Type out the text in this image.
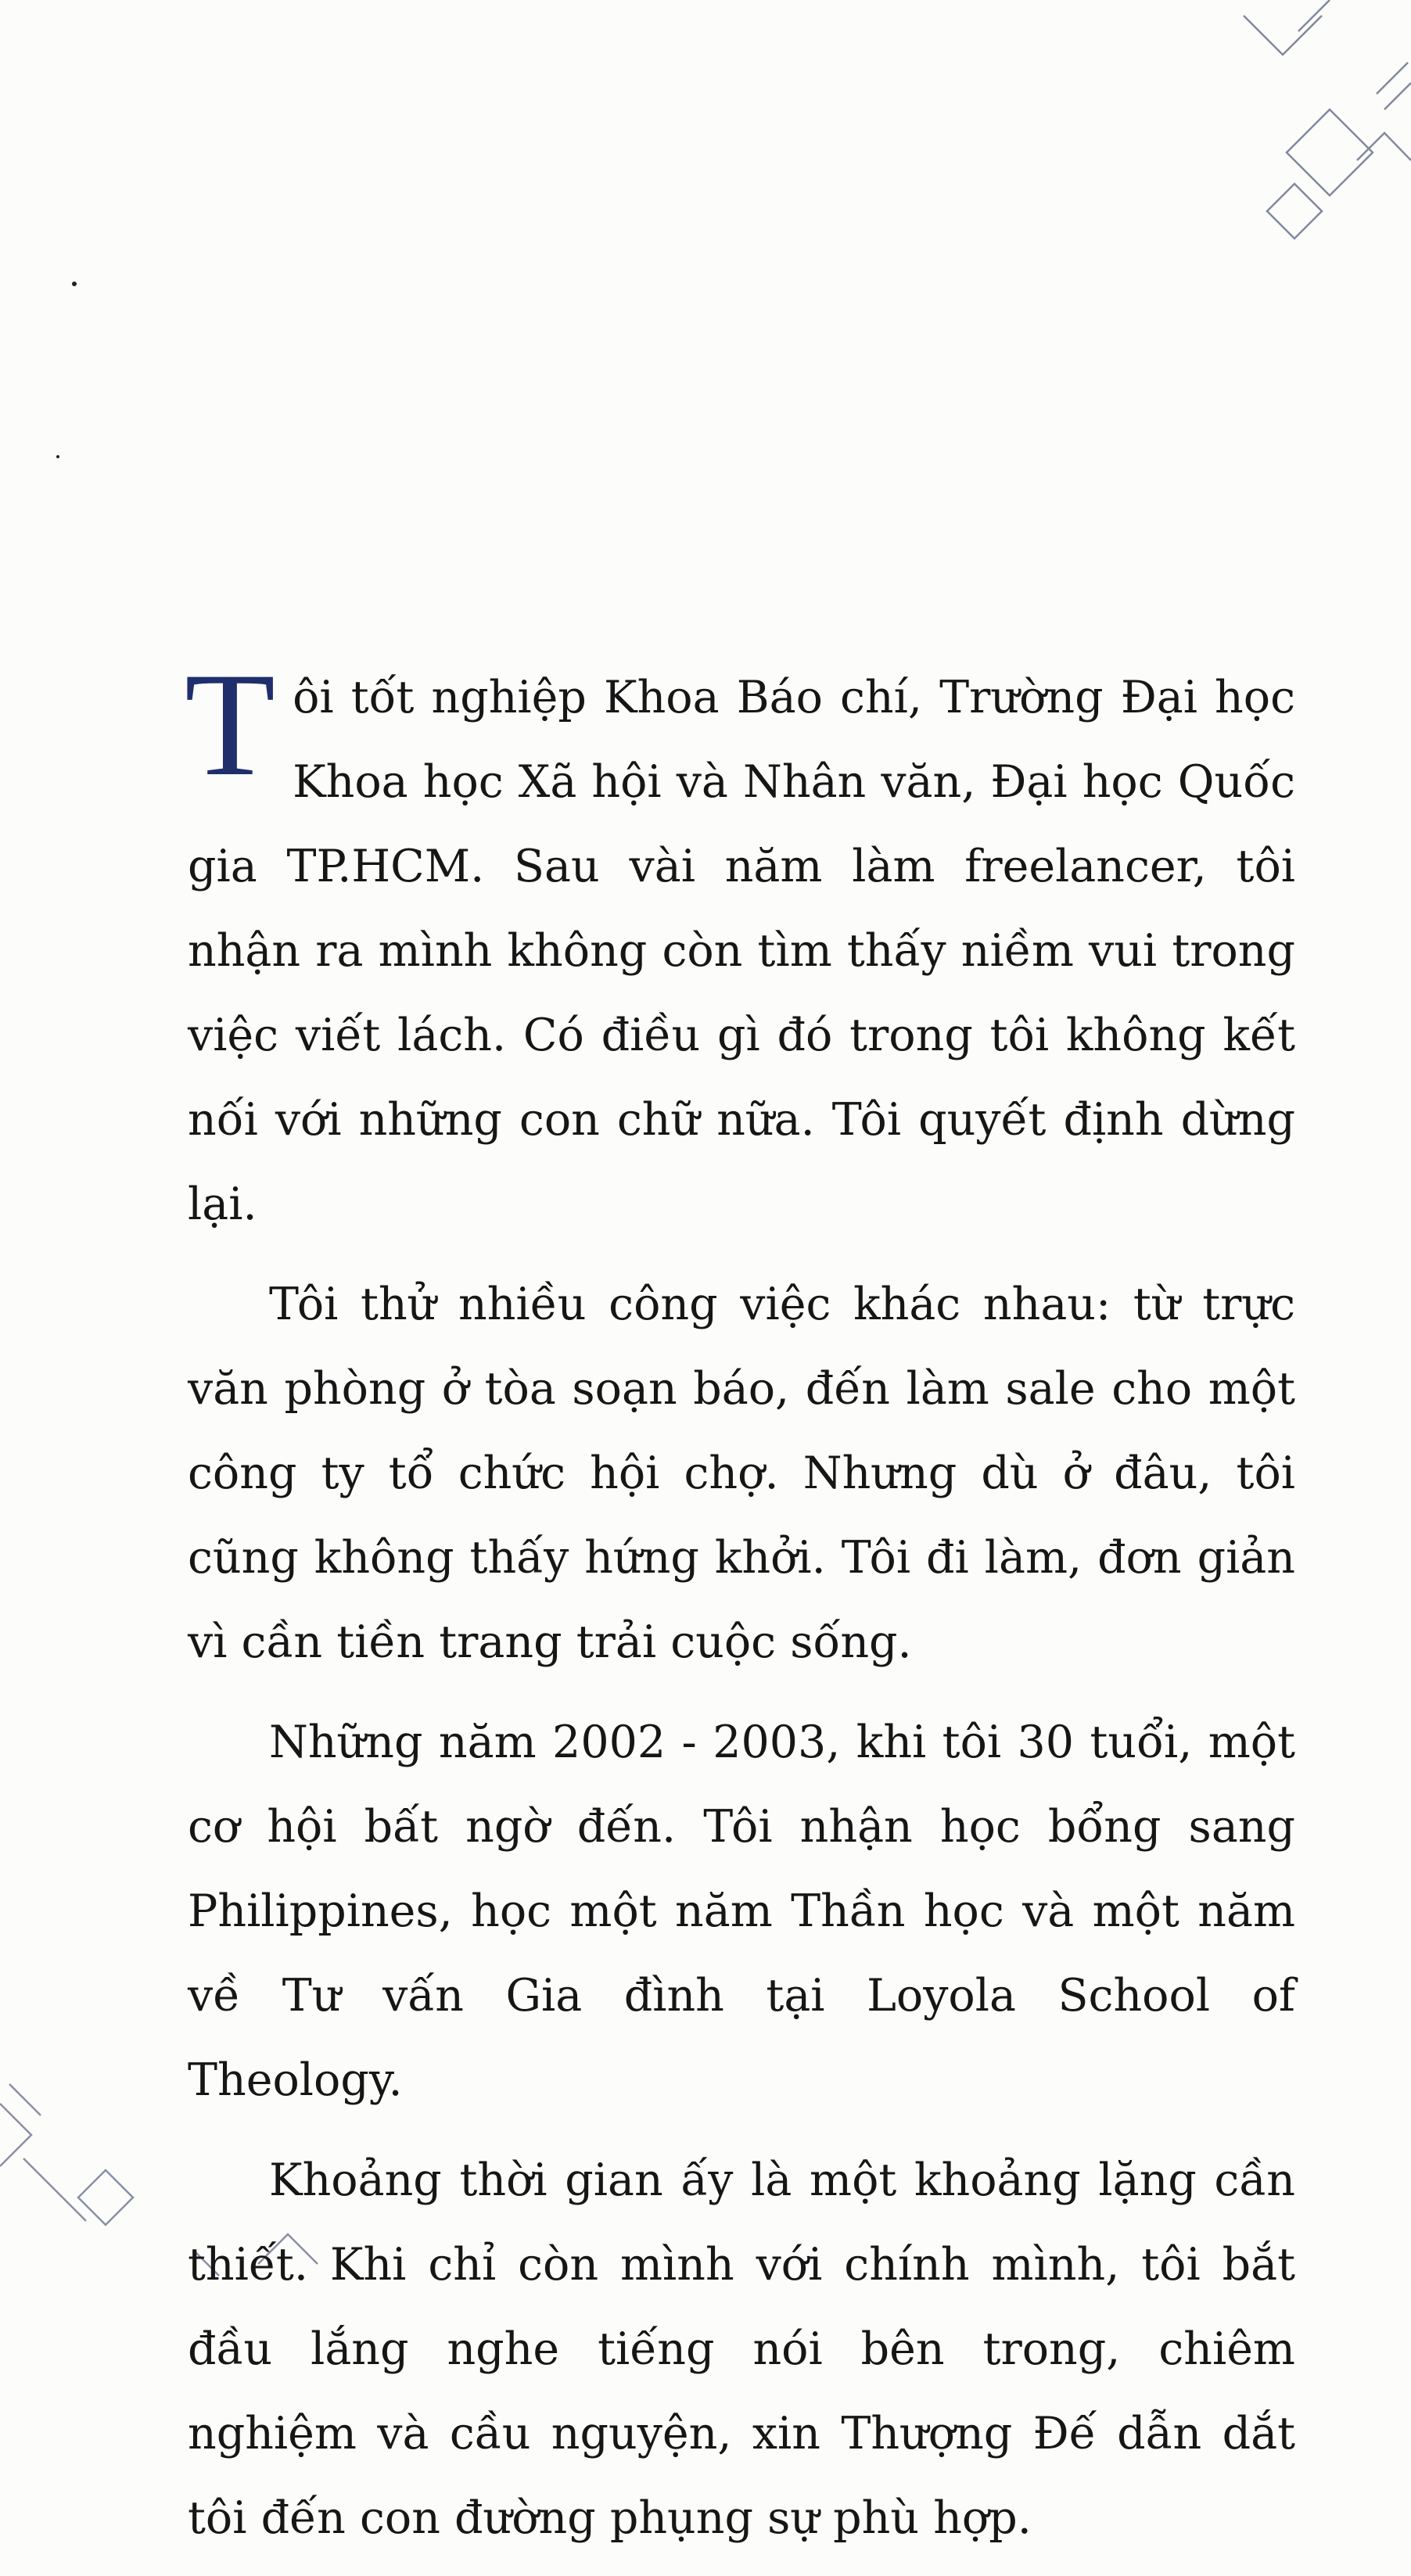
T ôi tốt nghiệp Khoa Báo chí, Trường Đại học Khoa học Xã hội và Nhân văn, Đại học Quốc gia TP.HCM. Sau vài năm làm freelancer, tôi nhận ra mình không còn tìm thấy niềm vui trong việc viết lách. Có điều gì đó trong tôi không kết nối với những con chữ nữa. Tôi quyết định dừng lại.

Tôi thử nhiều công việc khác nhau: từ trực văn phòng ở tòa soạn báo, đến làm sale cho một công ty tổ chức hội chợ. Nhưng dù ở đâu, tôi cũng không thấy hứng khởi. Tôi đi làm, đơn giản vì cần tiền trang trải cuộc sống.

Những năm 2002 - 2003, khi tôi 30 tuổi, một cơ hội bất ngờ đến. Tôi nhận học bổng sang Philippines, học một năm Thần học và một năm về Tư vấn Gia đình tại Loyola School of Theology.

Khoảng thời gian ấy là một khoảng lặng cần thiết. Khi chỉ còn mình với chính mình, tôi bắt đầu lắng nghe tiếng nói bên trong, chiêm nghiệm và cầu nguyện, xin Thượng Đế dẫn dắt tôi đến con đường phụng sự phù hợp.
